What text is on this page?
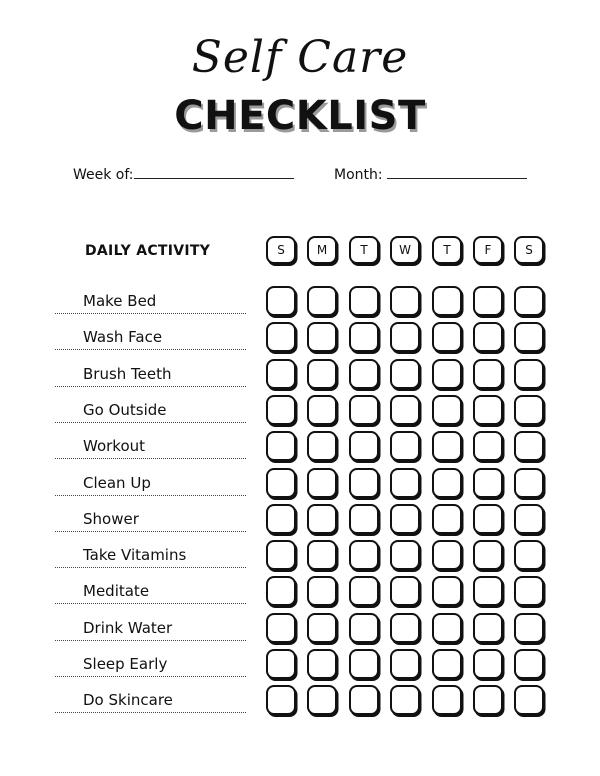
Self Care
CHECKLIST
Week of:	Month:
DAILY ACTIVITY	S	M	T	W	T	F	S
Make Bed
Wash Face
Brush Teeth
Go Outside
Workout
Clean Up
Shower
Take Vitamins
Meditate
Drink Water
Sleep Early
Do Skincare
